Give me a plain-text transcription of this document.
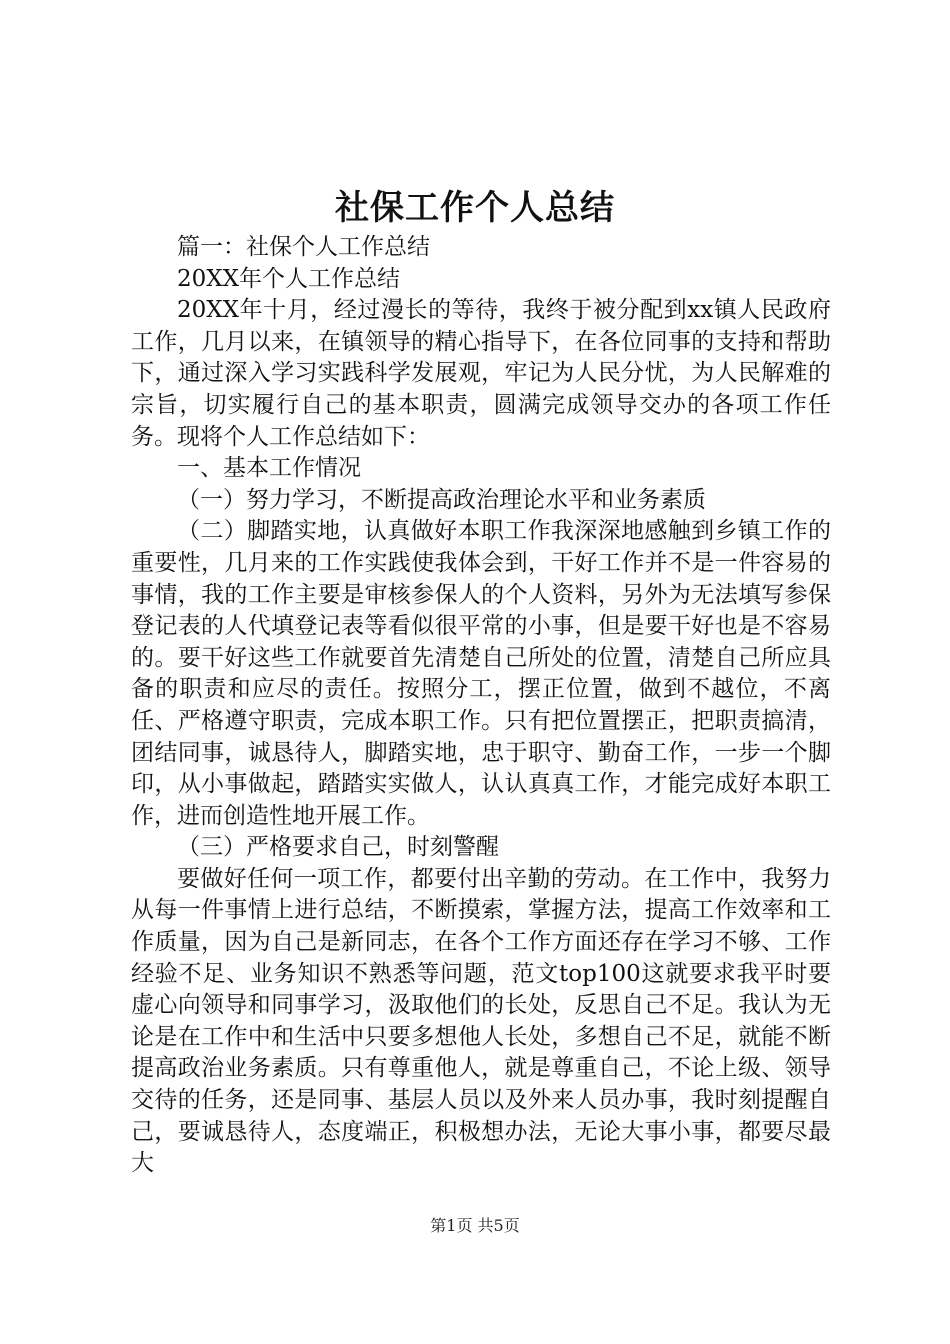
社保工作个人总结

篇一：社保个人工作总结

20XX年个人工作总结

20XX年十月，经过漫长的等待，我终于被分配到xx镇人民政府工作，几月以来，在镇领导的精心指导下，在各位同事的支持和帮助下，通过深入学习实践科学发展观，牢记为人民分忧，为人民解难的宗旨，切实履行自己的基本职责，圆满完成领导交办的各项工作任务。现将个人工作总结如下：

一、基本工作情况

（一）努力学习，不断提高政治理论水平和业务素质

（二）脚踏实地，认真做好本职工作我深深地感触到乡镇工作的重要性，几月来的工作实践使我体会到，干好工作并不是一件容易的事情，我的工作主要是审核参保人的个人资料，另外为无法填写参保登记表的人代填登记表等看似很平常的小事，但是要干好也是不容易的。要干好这些工作就要首先清楚自己所处的位置，清楚自己所应具备的职责和应尽的责任。按照分工，摆正位置，做到不越位，不离任、严格遵守职责，完成本职工作。只有把位置摆正，把职责搞清，团结同事，诚恳待人，脚踏实地，忠于职守、勤奋工作，一步一个脚印，从小事做起，踏踏实实做人，认认真真工作，才能完成好本职工作，进而创造性地开展工作。

（三）严格要求自己，时刻警醒

要做好任何一项工作，都要付出辛勤的劳动。在工作中，我努力从每一件事情上进行总结，不断摸索，掌握方法，提高工作效率和工作质量，因为自己是新同志，在各个工作方面还存在学习不够、工作经验不足、业务知识不熟悉等问题，范文top100这就要求我平时要虚心向领导和同事学习，汲取他们的长处，反思自己不足。我认为无论是在工作中和生活中只要多想他人长处，多想自己不足，就能不断提高政治业务素质。只有尊重他人，就是尊重自己，不论上级、领导交待的任务，还是同事、基层人员以及外来人员办事，我时刻提醒自己，要诚恳待人，态度端正，积极想办法，无论大事小事，都要尽最大

第1页 共5页
